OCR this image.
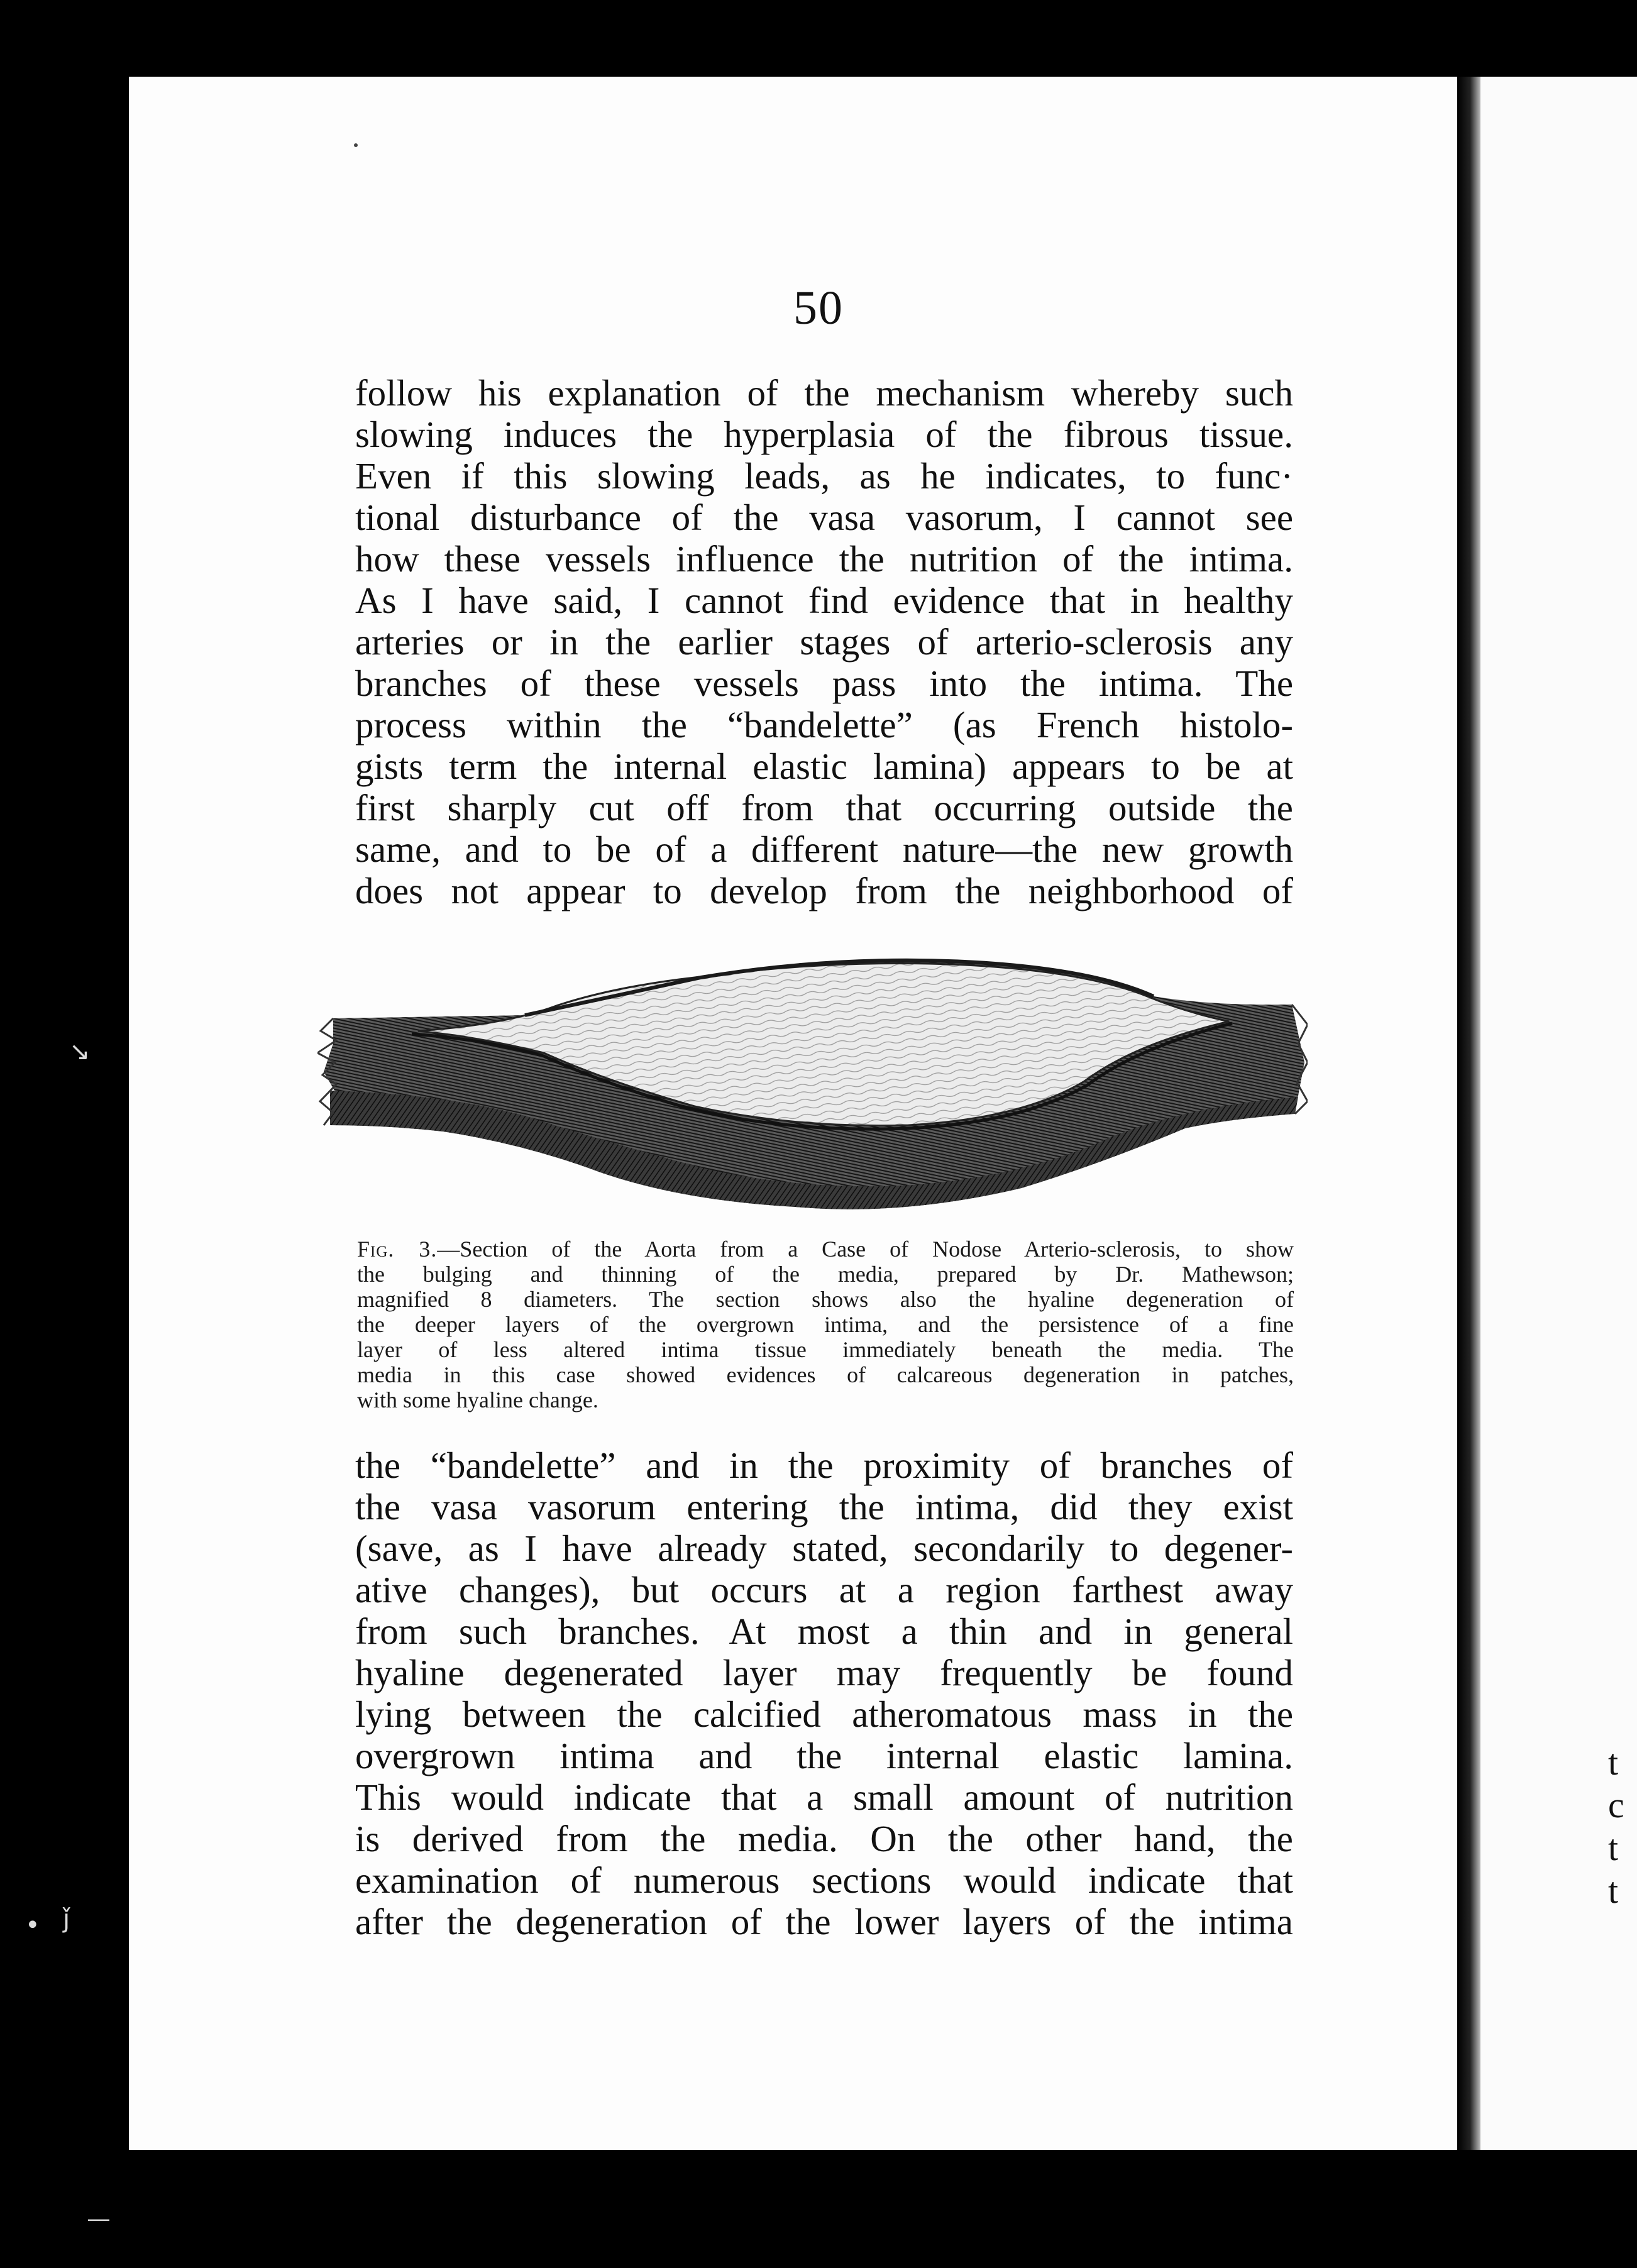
t
c
t
t
↘
• ǰ
―
50
follow his explanation of the mechanism whereby such
slowing induces the hyperplasia of the fibrous tissue.
Even if this slowing leads, as he indicates, to func·
tional disturbance of the vasa vasorum, I cannot see
how these vessels influence the nutrition of the intima.
As I have said, I cannot find evidence that in healthy
arteries or in the earlier stages of arterio-sclerosis any
branches of these vessels pass into the intima. The
process within the “bandelette” (as French histolo-
gists term the internal elastic lamina) appears to be at
first sharply cut off from that occurring outside the
same, and to be of a different nature—the new growth
does not appear to develop from the neighborhood of
Fig. 3.—Section of the Aorta from a Case of Nodose Arterio-sclerosis, to show
the bulging and thinning of the media, prepared by Dr. Mathewson;
magnified 8 diameters. The section shows also the hyaline degeneration of
the deeper layers of the overgrown intima, and the persistence of a fine
layer of less altered intima tissue immediately beneath the media. The
media in this case showed evidences of calcareous degeneration in patches,
with some hyaline change.
the “bandelette” and in the proximity of branches of
the vasa vasorum entering the intima, did they exist
(save, as I have already stated, secondarily to degener-
ative changes), but occurs at a region farthest away
from such branches. At most a thin and in general
hyaline degenerated layer may frequently be found
lying between the calcified atheromatous mass in the
overgrown intima and the internal elastic lamina.
This would indicate that a small amount of nutrition
is derived from the media. On the other hand, the
examination of numerous sections would indicate that
after the degeneration of the lower layers of the intima
